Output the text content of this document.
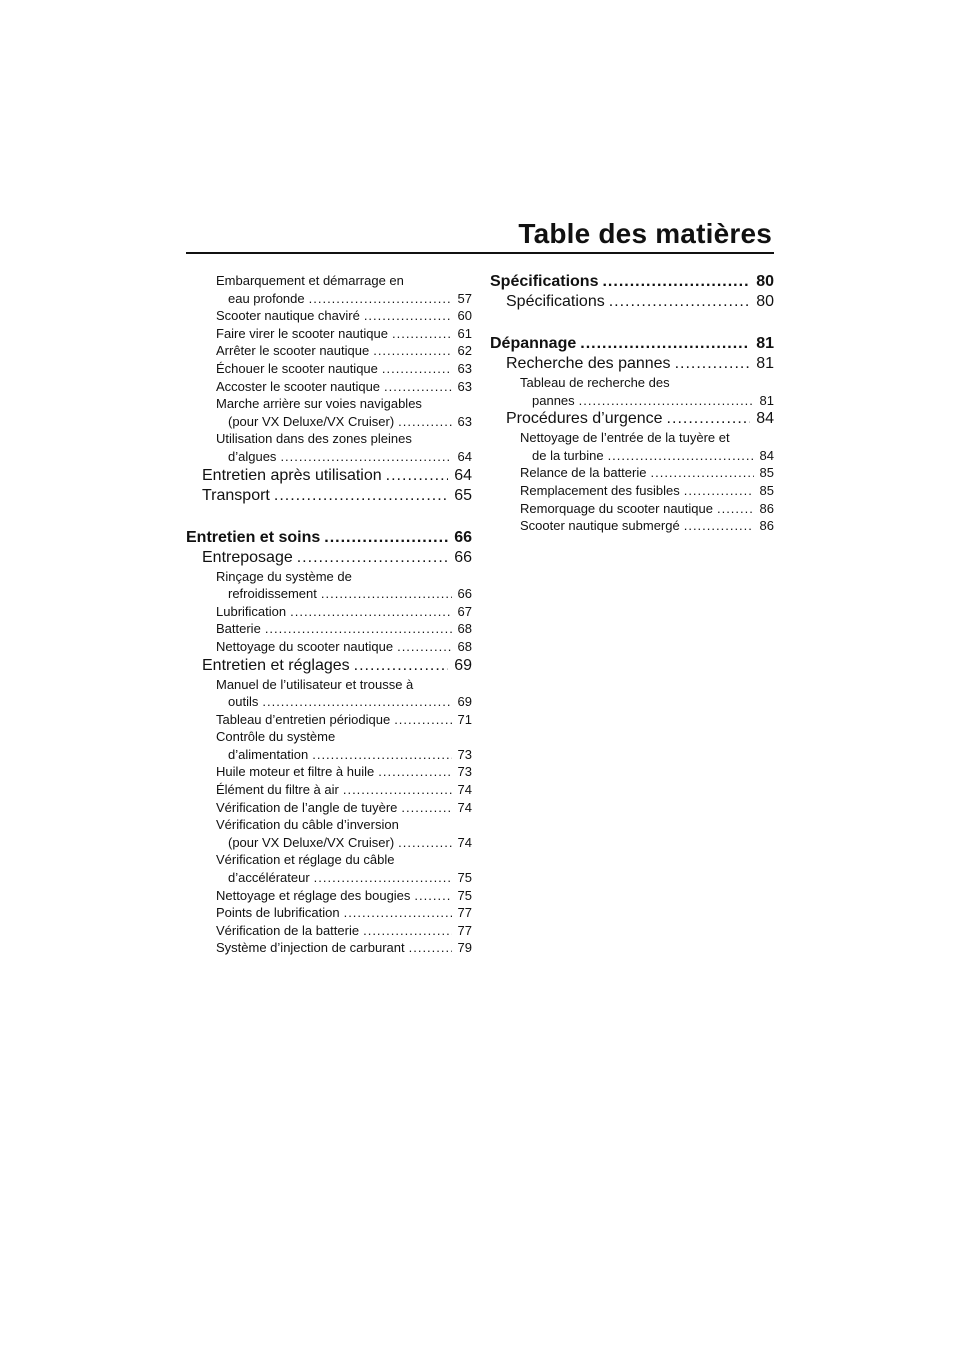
Table des matières
Embarquement et démarrage en
eau profonde .....	57
Scooter nautique chaviré .....	60
Faire virer le scooter nautique .....	61
Arrêter le scooter nautique .....	62
Échouer le scooter nautique .....	63
Accoster le scooter nautique .....	63
Marche arrière sur voies navigables
(pour VX Deluxe/VX Cruiser) .....	63
Utilisation dans des zones pleines
d’algues .....	64
Entretien après utilisation .....	64
Transport .....	65
Entretien et soins .....	66
Entreposage .....	66
Rinçage du système de
refroidissement .....	66
Lubrification .....	67
Batterie .....	68
Nettoyage du scooter nautique .....	68
Entretien et réglages .....	69
Manuel de l’utilisateur et trousse à
outils .....	69
Tableau d’entretien périodique .....	71
Contrôle du système
d’alimentation .....	73
Huile moteur et filtre à huile .....	73
Élément du filtre à air .....	74
Vérification de l’angle de tuyère .....	74
Vérification du câble d’inversion
(pour VX Deluxe/VX Cruiser) .....	74
Vérification et réglage du câble
d’accélérateur .....	75
Nettoyage et réglage des bougies .....	75
Points de lubrification .....	77
Vérification de la batterie .....	77
Système d’injection de carburant .....	79
Spécifications .....	80
Spécifications .....	80
Dépannage .....	81
Recherche des pannes .....	81
Tableau de recherche des
pannes .....	81
Procédures d’urgence .....	84
Nettoyage de l’entrée de la tuyère et
de la turbine .....	84
Relance de la batterie .....	85
Remplacement des fusibles .....	85
Remorquage du scooter nautique .....	86
Scooter nautique submergé .....	86
